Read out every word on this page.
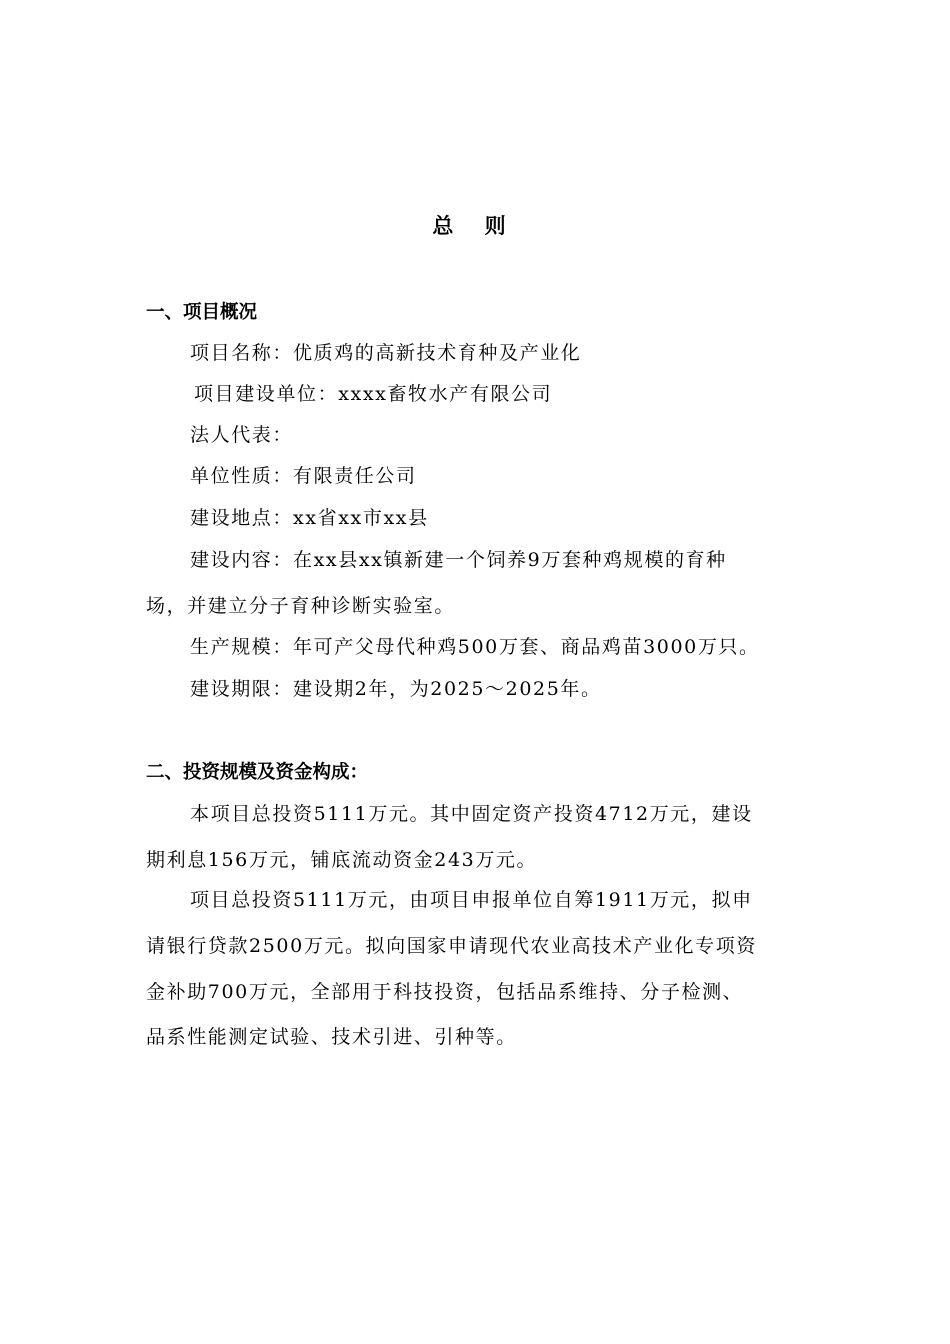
总 则
一、项目概况
项目名称：优质鸡的高新技术育种及产业化
项目建设单位：xxxx畜牧水产有限公司
法人代表：
单位性质：有限责任公司
建设地点：xx省xx市xx县
建设内容：在xx县xx镇新建一个饲养9万套种鸡规模的育种
场，并建立分子育种诊断实验室。
生产规模：年可产父母代种鸡500万套、商品鸡苗3000万只。
建设期限：建设期2年，为2025～2025年。
二、投资规模及资金构成：
本项目总投资5111万元。其中固定资产投资4712万元，建设
期利息156万元，铺底流动资金243万元。
项目总投资5111万元，由项目申报单位自筹1911万元，拟申
请银行贷款2500万元。拟向国家申请现代农业高技术产业化专项资
金补助700万元，全部用于科技投资，包括品系维持、分子检测、
品系性能测定试验、技术引进、引种等。
